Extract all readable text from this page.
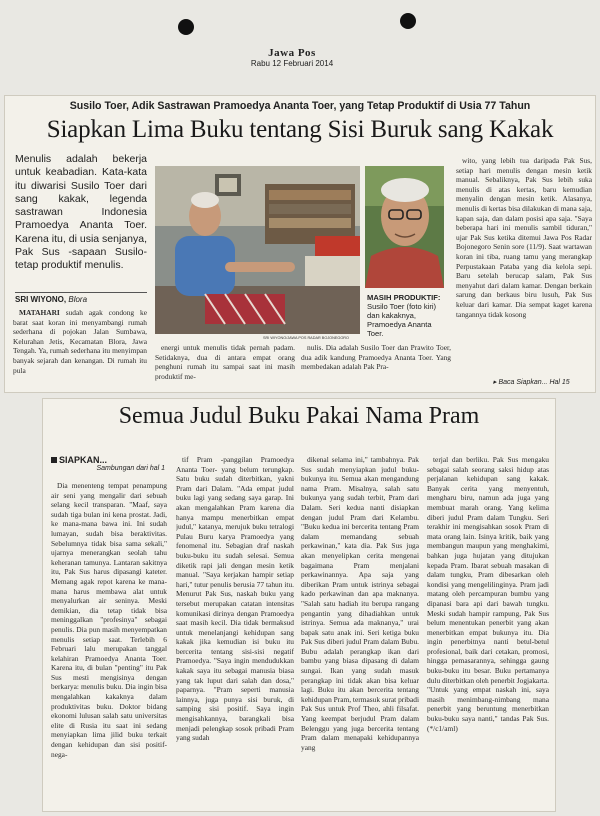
Jawa Pos
Rabu 12 Februari 2014
Susilo Toer, Adik Sastrawan Pramoedya Ananta Toer, yang Tetap Produktif di Usia 77 Tahun
Siapkan Lima Buku tentang Sisi Buruk sang Kakak
Menulis adalah bekerja untuk keabadian. Kata-kata itu diwarisi Susilo Toer dari sang kakak, legenda sastrawan Indonesia Pramoedya Ananta Toer. Karena itu, di usia senjanya, Pak Sus -sapaan Susilo- tetap produktif menulis.
SRI WIYONO, Blora

MATAHARI sudah agak condong ke barat saat koran ini menyambangi rumah sederhana di pojokan Jalan Sumbawa, Kelurahan Jetis, Kecamatan Blora, Jawa Tengah. Ya, rumah sederhana itu menyimpan banyak sejarah dan kenangan. Di rumah itu pula

SRI WIYONO/JAWA POS RADAR BOJONEGORO
MASIH PRODUKTIF:
Susilo Toer (foto kiri) dan kakaknya, Pramoedya Ananta Toer.

energi untuk menulis tidak pernah padam. Setidaknya, dua di antara empat orang penghuni rumah itu sampai saat ini masih produktif me-

nulis. Dia adalah Susilo Toer dan Prawito Toer, dua adik kandung Pramoedya Ananta Toer. Yang membedakan adalah Pak Pra-

wito, yang lebih tua daripada Pak Sus, setiap hari menulis dengan mesin ketik manual. Sebaliknya, Pak Sus lebih suka menulis di atas kertas, baru kemudian menyalin dengan mesin ketik. Alasanya, menulis di kertas bisa dilakukan di mana saja, kapan saja, dan dalam posisi apa saja. "Saya beberapa hari ini menulis sambil tiduran," ujar Pak Sus ketika ditemui Jawa Pos Radar Bojonegoro Senin sore (11/9). Saat wartawan koran ini tiba, ruang tamu yang merangkap Perpustakaan Pataba yang dia kelola sepi. Baru setelah berucap salam, Pak Sus menyahut dari dalam kamar. Dengan berkain sarung dan berkaus biru lusuh, Pak Sus keluar dari kamar. Dia sempat kaget karena tangannya tidak kosong

▸ Baca Siapkan... Hal 15
Semua Judul Buku Pakai Nama Pram
SIAPKAN...
Sambungan dari hal 1

Dia menenteng tempat penampung air seni yang mengalir dari sebuah selang kecil transparan. "Maaf, saya sudah tiga bulan ini kena prostat. Jadi, ke mana-mana bawa ini. Ini sudah lumayan, sudah bisa beraktivitas. Sebelumnya tidak bisa sama sekali," ujarnya menerangkan seolah tahu keheranan tamunya. Lantaran sakitnya itu, Pak Sus harus dipasangi kateter. Memang agak repot karena ke mana-mana harus membawa alat untuk menyalurkan air seninya. Meski demikian, dia tetap tidak bisa meninggalkan "profesinya" sebagai penulis. Dia pun masih menyempatkan menulis setiap saat. Terlebih 6 Februari lalu merupakan tanggal kelahiran Pramoedya Ananta Toer. Karena itu, di bulan "penting" itu Pak Sus mesti mengisinya dengan berkarya: menulis buku. Dia ingin bisa mengalahkan kakaknya dalam produktivitas buku. Doktor bidang ekonomi lulusan salah satu universitas elite di Rusia itu saat ini sedang menyiapkan lima jilid buku terkait dengan kehidupan dan sisi positif-nega-

tif Pram -panggilan Pramoedya Ananta Toer- yang belum terungkap. Satu buku sudah diterbitkan, yakni Pram dari Dalam. "Ada empat judul buku lagi yang sedang saya garap. Ini akan mengalahkan Pram karena dia hanya mampu menerbitkan empat judul," katanya, merujuk buku tetralogi Pulau Buru karya Pramoedya yang fenomenal itu. Sebagian draf naskah buku-buku itu sudah selesai. Semua diketik rapi jali dengan mesin ketik manual. "Saya kerjakan hampir setiap hari," tutur penulis berusia 77 tahun itu. Menurut Pak Sus, naskah buku yang tersebut merupakan catatan intensitas komunikasi dirinya dengan Pramoedya saat masih kecil. Dia tidak bermaksud untuk menelanjangi kehidupan sang kakak jika kemudian isi buku itu bercerita tentang sisi-sisi negatif Pramoedya. "Saya ingin mendudukkan kakak saya itu sebagai manusia biasa yang tak luput dari salah dan dosa," paparnya. "Pram seperti manusia lainnya, juga punya sisi buruk, di samping sisi positif. Saya ingin mengisahkannya, barangkali bisa menjadi pelengkap sosok pribadi Pram yang sudah

dikenal selama ini," tambahnya. Pak Sus sudah menyiapkan judul buku-bukunya itu. Semua akan mengandung nama Pram. Misalnya, salah satu bukunya yang sudah terbit, Pram dari Dalam. Seri kedua nanti disiapkan dengan judul Pram dari Kelambu. "Buku kedua ini bercerita tentang Pram dalam memandang sebuah perkawinan," kata dia. Pak Sus juga akan menyelipkan cerita mengenai bagaimana Pram menjalani perkawinannya. Apa saja yang diberikan Pram untuk istrinya sebagai kado perkawinan dan apa maknanya. "Salah satu hadiah itu berupa rangang pengantin yang dihadiahkan untuk istrinya. Semua ada maknanya," urai bapak satu anak ini. Seri ketiga buku Pak Sus diberi judul Pram dalam Bubu. Bubu adalah perangkap ikan dari bambu yang biasa dipasang di dalam sungai. Ikan yang sudah masuk perangkap ini tidak akan bisa keluar lagi. Buku itu akan bercerita tentang kehidupan Pram, termasuk surat pribadi Pak Sus untuk Prof Theo, ahli filsafat. Yang keempat berjudul Pram dalam Belenggu yang juga bercerita tentang Pram dalam menapaki kehidupannya yang

terjal dan berliku. Pak Sus mengaku sebagai salah seorang saksi hidup atas perjalanan kehidupan sang kakak. Banyak cerita yang menyentuh, mengharu biru, namun ada juga yang membuat marah orang. Yang kelima diberi judul Pram dalam Tungku. Seri terakhir ini mengisahkan sosok Pram di mata orang lain. Isinya kritik, baik yang membangun maupun yang menghakimi, bahkan juga hujatan yang ditujukan kepada Pram. Ibarat sebuah masakan di dalam tungku, Pram dibesarkan oleh kondisi yang mengelilinginya. Pram jadi matang oleh percampuran bumbu yang dipanasi bara api dari bawah tungku. Meski sudah hampir rampung, Pak Sus belum menentukan penerbit yang akan menerbitkan empat bukunya itu. Dia ingin penerbitnya nanti betul-betul profesional, baik dari cetakan, promosi, hingga pemasarannya, sehingga gaung buku-buku itu besar. Buku pertamanya dulu diterbitkan oleh penerbit Jogjakarta. "Untuk yang empat naskah ini, saya masih menimbang-nimbang mana penerbit yang beruntung menerbitkan buku-buku saya nanti," tandas Pak Sus. (*/c1/aml)
